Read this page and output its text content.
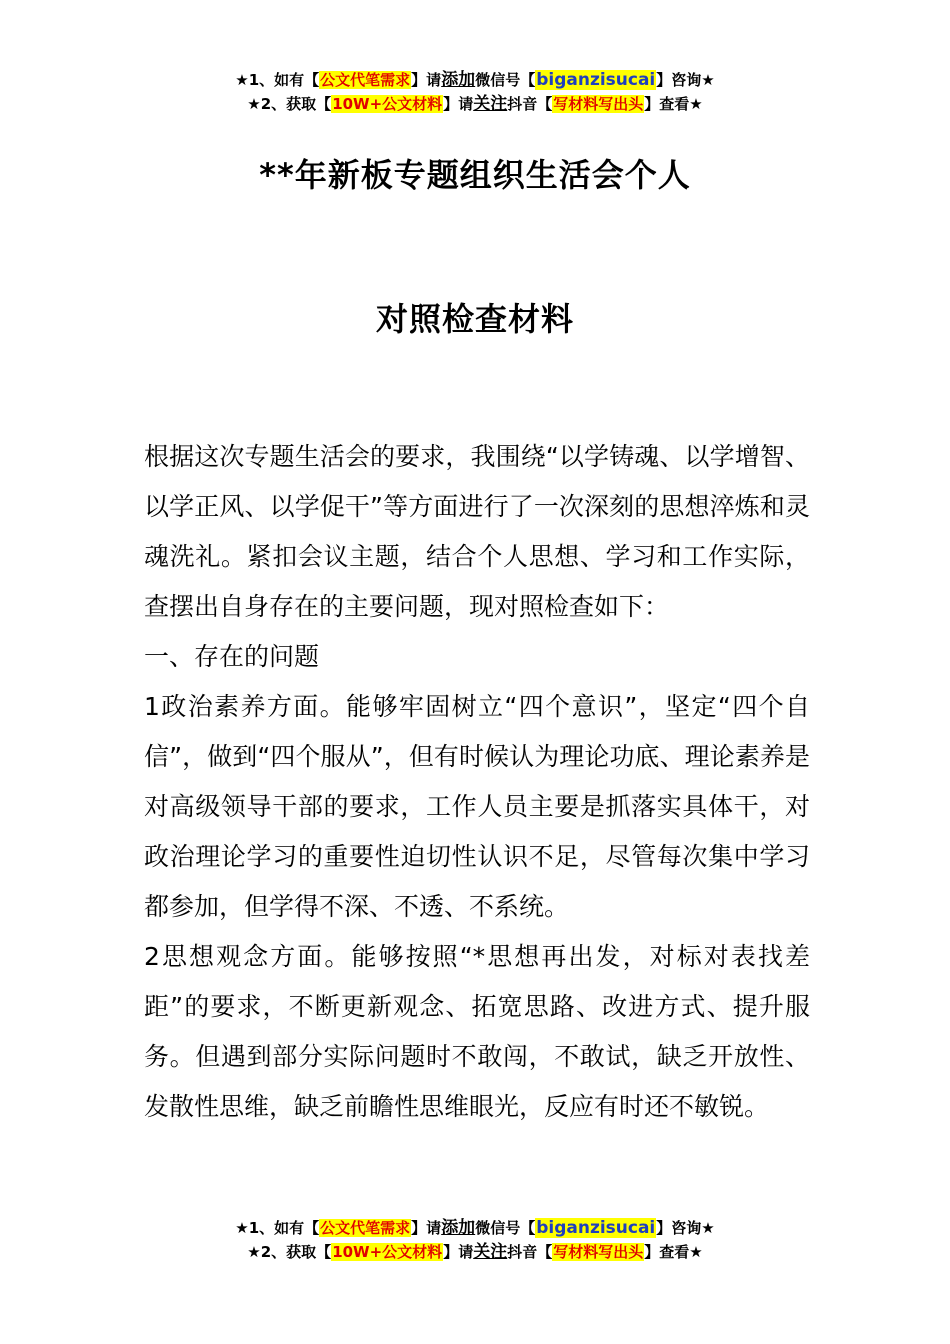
★1、如有【公文代笔需求】请添加微信号【biganzisucai】咨询★
★2、获取【10W+公文材料】请关注抖音【写材料写出头】查看★
**年新板专题组织生活会个人
对照检查材料

根据这次专题生活会的要求，我围绕“以学铸魂、以学增智、以学正风、以学促干”等方面进行了一次深刻的思想淬炼和灵魂洗礼。紧扣会议主题，结合个人思想、学习和工作实际，查摆出自身存在的主要问题，现对照检查如下：

一、存在的问题

1政治素养方面。能够牢固树立“四个意识”，坚定“四个自信”，做到“四个服从”，但有时候认为理论功底、理论素养是对高级领导干部的要求，工作人员主要是抓落实具体干，对政治理论学习的重要性迫切性认识不足，尽管每次集中学习都参加，但学得不深、不透、不系统。

2思想观念方面。能够按照“*思想再出发，对标对表找差距”的要求，不断更新观念、拓宽思路、改进方式、提升服务。但遇到部分实际问题时不敢闯，不敢试，缺乏开放性、发散性思维，缺乏前瞻性思维眼光，反应有时还不敏锐。

★1、如有【公文代笔需求】请添加微信号【biganzisucai】咨询★
★2、获取【10W+公文材料】请关注抖音【写材料写出头】查看★
